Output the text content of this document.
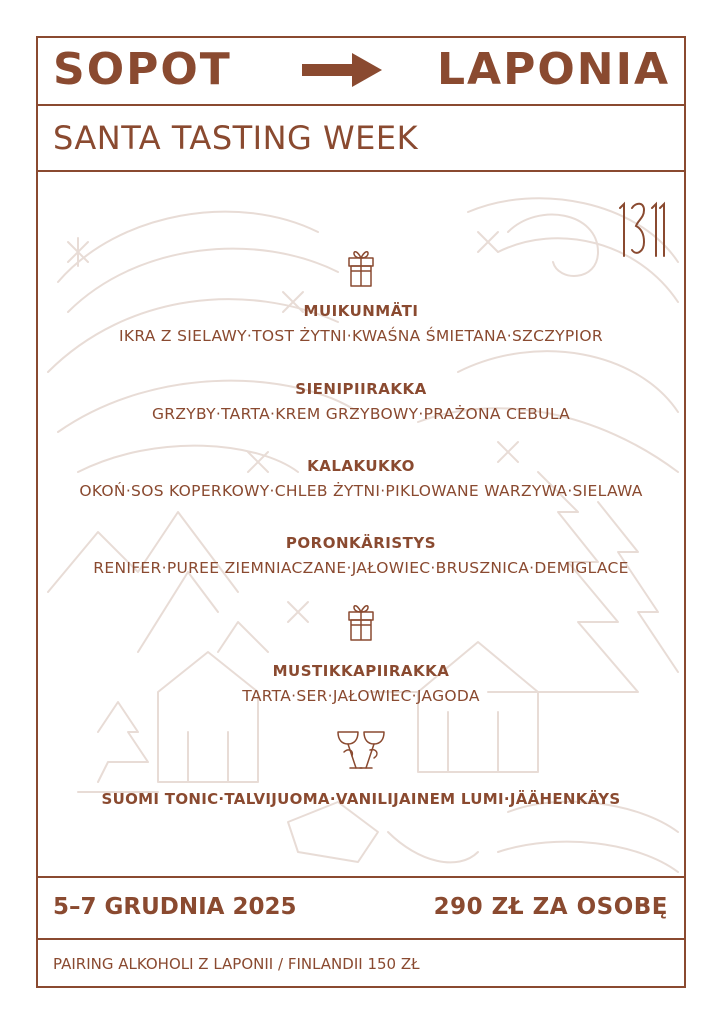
SOPOT	LAPONIA
SANTA TASTING WEEK
MUIKUNMÄTI
IKRA Z SIELAWY·TOST ŻYTNI·KWAŚNA ŚMIETANA·SZCZYPIOR
SIENIPIIRAKKA
GRZYBY·TARTA·KREM GRZYBOWY·PRAŻONA CEBULA
KALAKUKKO
OKOŃ·SOS KOPERKOWY·CHLEB ŻYTNI·PIKLOWANE WARZYWA·SIELAWA
PORONKÄRISTYS
RENIFER·PUREE ZIEMNIACZANE·JAŁOWIEC·BRUSZNICA·DEMIGLACE
MUSTIKKAPIIRAKKA
TARTA·SER·JAŁOWIEC·JAGODA
SUOMI TONIC·TALVIJUOMA·VANILIJAINEM LUMI·JÄÄHENKÄYS
5–7 GRUDNIA 2025	290 ZŁ ZA OSOBĘ
PAIRING ALKOHOLI Z LAPONII / FINLANDII 150 ZŁ
